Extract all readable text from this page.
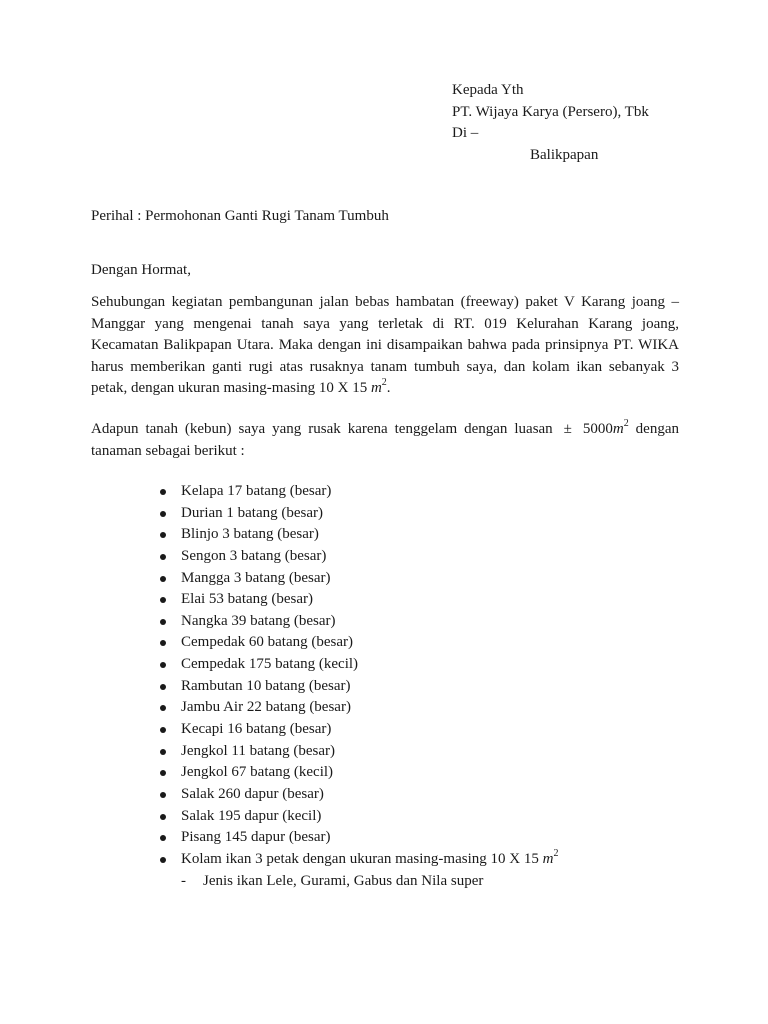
Kepada Yth
PT. Wijaya Karya (Persero), Tbk
Di –
Balikpapan
Perihal : Permohonan Ganti Rugi Tanam Tumbuh
Dengan Hormat,
Sehubungan kegiatan pembangunan jalan bebas hambatan (freeway) paket V Karang joang – Manggar yang mengenai tanah saya yang terletak di RT. 019 Kelurahan Karang joang, Kecamatan Balikpapan Utara. Maka dengan ini disampaikan bahwa pada prinsipnya PT. WIKA harus memberikan ganti rugi atas rusaknya tanam tumbuh saya, dan kolam ikan sebanyak 3 petak, dengan ukuran masing-masing 10 X 15 $m^2$.
Adapun tanah (kebun) saya yang rusak karena tenggelam dengan luasan ± $5000m^2$ dengan tanaman sebagai berikut :
Kelapa 17 batang (besar)
Durian 1 batang (besar)
Blinjo 3 batang (besar)
Sengon 3 batang (besar)
Mangga 3 batang (besar)
Elai 53 batang (besar)
Nangka 39 batang (besar)
Cempedak 60 batang (besar)
Cempedak 175 batang (kecil)
Rambutan 10 batang (besar)
Jambu Air 22 batang (besar)
Kecapi 16 batang (besar)
Jengkol 11 batang (besar)
Jengkol 67 batang (kecil)
Salak 260 dapur (besar)
Salak 195 dapur (kecil)
Pisang 145 dapur (besar)
Kolam ikan 3 petak dengan ukuran masing-masing 10 X 15 $m^2$
- Jenis ikan Lele, Gurami, Gabus dan Nila super
